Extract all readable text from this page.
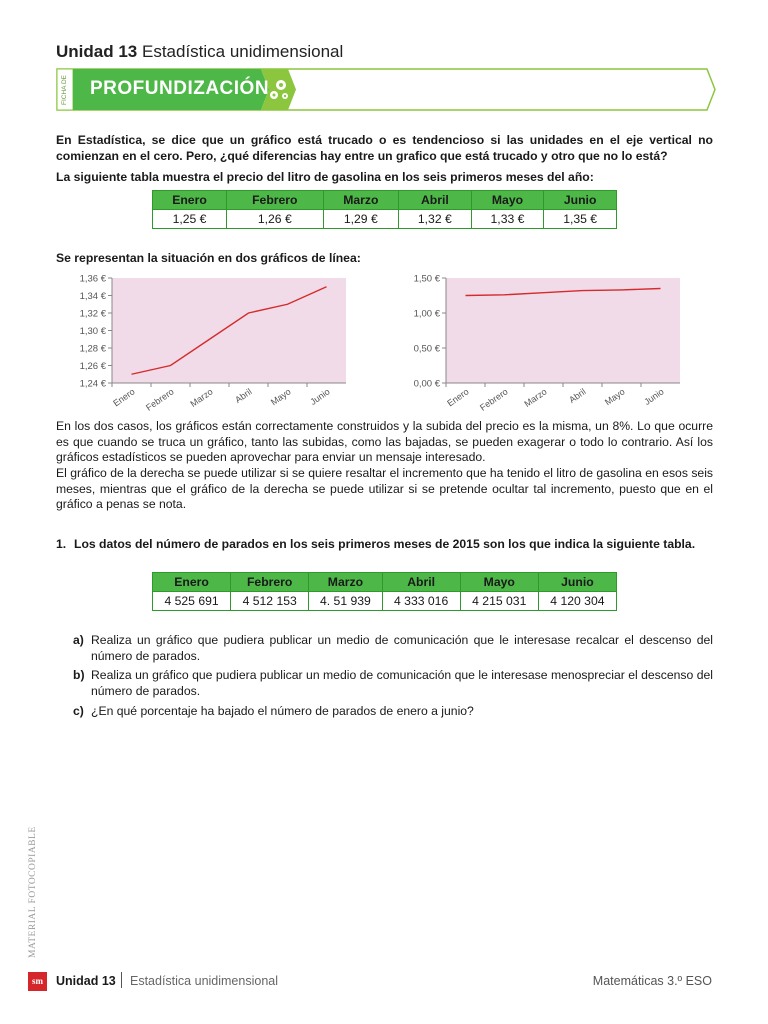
Unidad 13 Estadística unidimensional
FICHA DE PROFUNDIZACIÓN
En Estadística, se dice que un gráfico está trucado o es tendencioso si las unidades en el eje vertical no comienzan en el cero. Pero, ¿qué diferencias hay entre un grafico que está trucado y otro que no lo está?
La siguiente tabla muestra el precio del litro de gasolina en los seis primeros meses del año:
Enero	Febrero	Marzo	Abril	Mayo	Junio
1,25 €	1,26 €	1,29 €	1,32 €	1,33 €	1,35 €
Se representan la situación en dos gráficos de línea:
1,24 €
1,26 €
1,28 €
1,30 €
1,32 €
1,34 €
1,36 €
Enero Febrero Marzo Abril Mayo Junio
0,00 €
0,50 €
1,00 €
1,50 €
Enero Febrero Marzo Abril Mayo Junio
En los dos casos, los gráficos están correctamente construidos y la subida del precio es la misma, un 8%. Lo que ocurre es que cuando se truca un gráfico, tanto las subidas, como las bajadas, se pueden exagerar o todo lo contrario. Así los gráficos estadísticos se pueden aprovechar para enviar un mensaje interesado.
El gráfico de la derecha se puede utilizar si se quiere resaltar el incremento que ha tenido el litro de gasolina en esos seis meses, mientras que el gráfico de la derecha se puede utilizar si se pretende ocultar tal incremento, puesto que en el gráfico a penas se nota.
1. Los datos del número de parados en los seis primeros meses de 2015 son los que indica la siguiente tabla.
Enero	Febrero	Marzo	Abril	Mayo	Junio
4 525 691	4 512 153	4. 51 939	4 333 016	4 215 031	4 120 304
a) Realiza un gráfico que pudiera publicar un medio de comunicación que le interesase recalcar el descenso del número de parados.
b) Realiza un gráfico que pudiera publicar un medio de comunicación que le interesase menospreciar el descenso del número de parados.
c) ¿En qué porcentaje ha bajado el número de parados de enero a junio?
MATERIAL FOTOCOPIABLE
sm	Unidad 13 Estadística unidimensional	Matemáticas 3.º ESO
